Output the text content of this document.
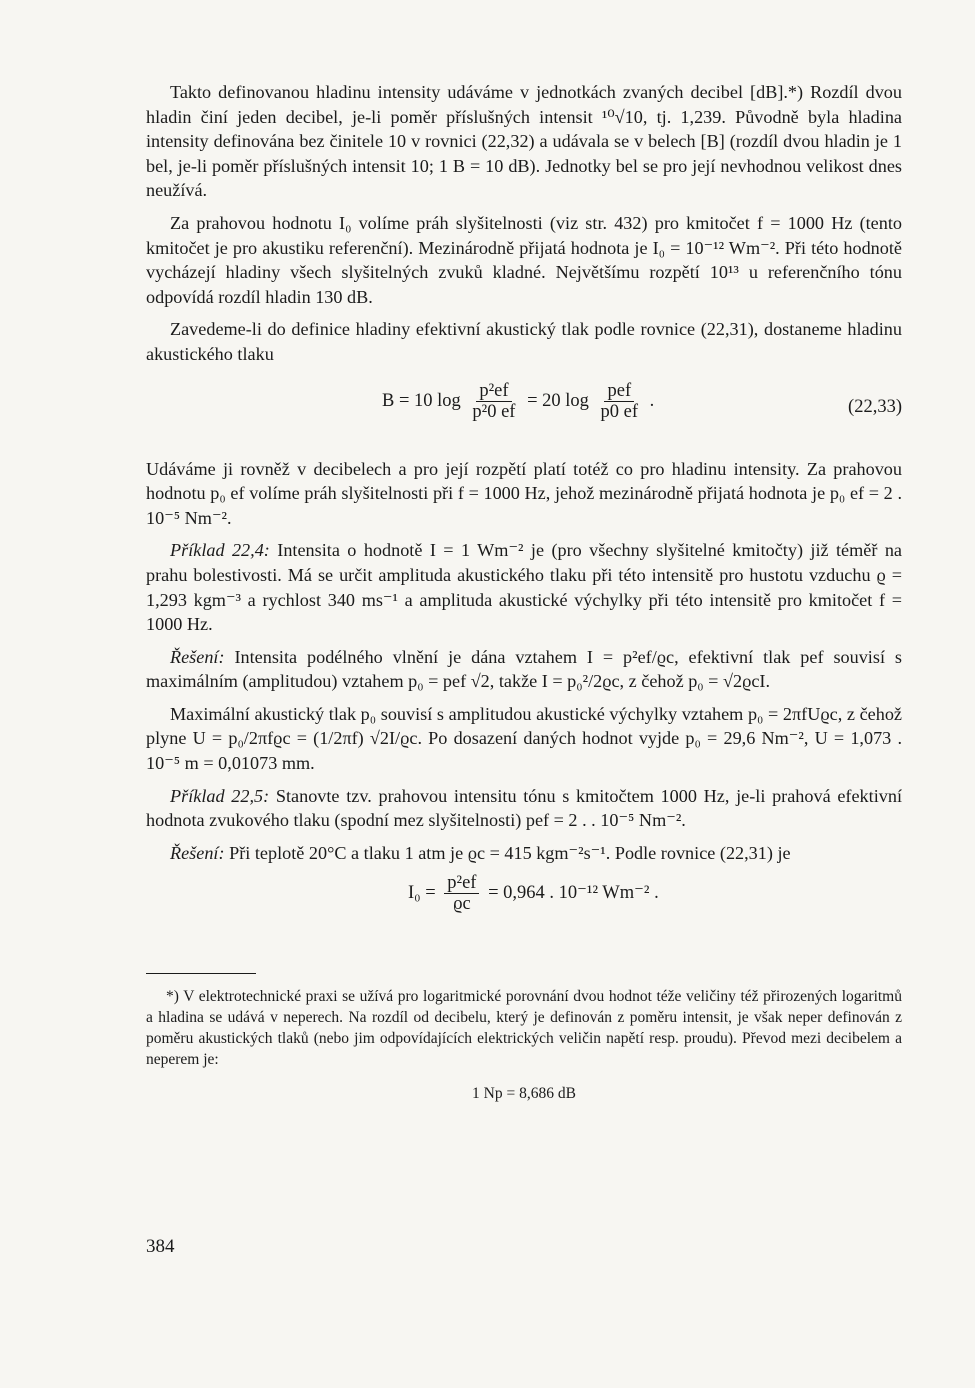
Takto definovanou hladinu intensity udáváme v jednotkách zvaných decibel [dB].*) Rozdíl dvou hladin činí jeden decibel, je-li poměr příslušných intensit ¹⁰√10, tj. 1,239. Původně byla hladina intensity definována bez činitele 10 v rovnici (22,32) a udávala se v belech [B] (rozdíl dvou hladin je 1 bel, je-li poměr příslušných intensit 10; 1 B = 10 dB). Jednotky bel se pro její nevhodnou velikost dnes neužívá.

Za prahovou hodnotu I₀ volíme práh slyšitelnosti (viz str. 432) pro kmitočet f = 1000 Hz (tento kmitočet je pro akustiku referenční). Mezinárodně přijatá hodnota je I₀ = 10⁻¹² Wm⁻². Při této hodnotě vycházejí hladiny všech slyšitelných zvuků kladné. Největšímu rozpětí 10¹³ u referenčního tónu odpovídá rozdíl hladin 130 dB.

Zavedeme-li do definice hladiny efektivní akustický tlak podle rovnice (22,31), dostaneme hladinu akustického tlaku

B = 10 $\log \frac{\text{p²ef}}{\text{p²0 ef}} = 20$ $\log \frac{\text{pef}}{p0 ef}$ .	(22,33)

Udáváme ji rovněž v decibelech a pro její rozpětí platí totéž co pro hladinu intensity. Za prahovou hodnotu p₀ ef volíme práh slyšitelnosti při f = 1000 Hz, jehož mezinárodně přijatá hodnota je p₀ ef = 2 . 10⁻⁵ Nm⁻².

Příklad 22,4: Intensita o hodnotě I = 1 Wm⁻² je (pro všechny slyšitelné kmitočty) již téměř na prahu bolestivosti. Má se určit amplituda akustického tlaku při této intensitě pro hustotu vzduchu ϱ = 1,293 kgm⁻³ a rychlost 340 ms⁻¹ a amplituda akustické výchylky při této intensitě pro kmitočet f = 1000 Hz.

Řešení: Intensita podélného vlnění je dána vztahem I = p²ef/ϱc, efektivní tlak pef souvisí s maximálním (amplitudou) vztahem p₀ = pef √2, takže I = p₀²/2ϱc, z čehož p₀ = √2ϱcI.

Maximální akustický tlak p₀ souvisí s amplitudou akustické výchylky vztahem p₀ = 2πfUϱc, z čehož plyne U = p₀/2πfϱc = (1/2πf) √2I/ϱc. Po dosazení daných hodnot vyjde p₀ = 29,6 Nm⁻², U = 1,073 . 10⁻⁵ m = 0,01073 mm.

Příklad 22,5: Stanovte tzv. prahovou intensitu tónu s kmitočtem 1000 Hz, je-li prahová efektivní hodnota zvukového tlaku (spodní mez slyšitelnosti) pef = 2 . . 10⁻⁵ Nm⁻².

Řešení: Při teplotě 20°C a tlaku 1 atm je ϱc = 415 kgm⁻²s⁻¹. Podle rovnice (22,31) je

$I_0 = \frac{\text{p²ef}}{ϱc} = 0,964$ . 10⁻¹² Wm⁻² .

*) V elektrotechnické praxi se užívá pro logaritmické porovnání dvou hodnot téže veličiny též přirozených logaritmů a hladina se udává v neperech. Na rozdíl od decibelu, který je definován z poměru intensit, je však neper definován z poměru akustických tlaků (nebo jim odpovídajících elektrických veličin napětí resp. proudu). Převod mezi decibelem a neperem je:

1 Np = 8,686 dB

384
